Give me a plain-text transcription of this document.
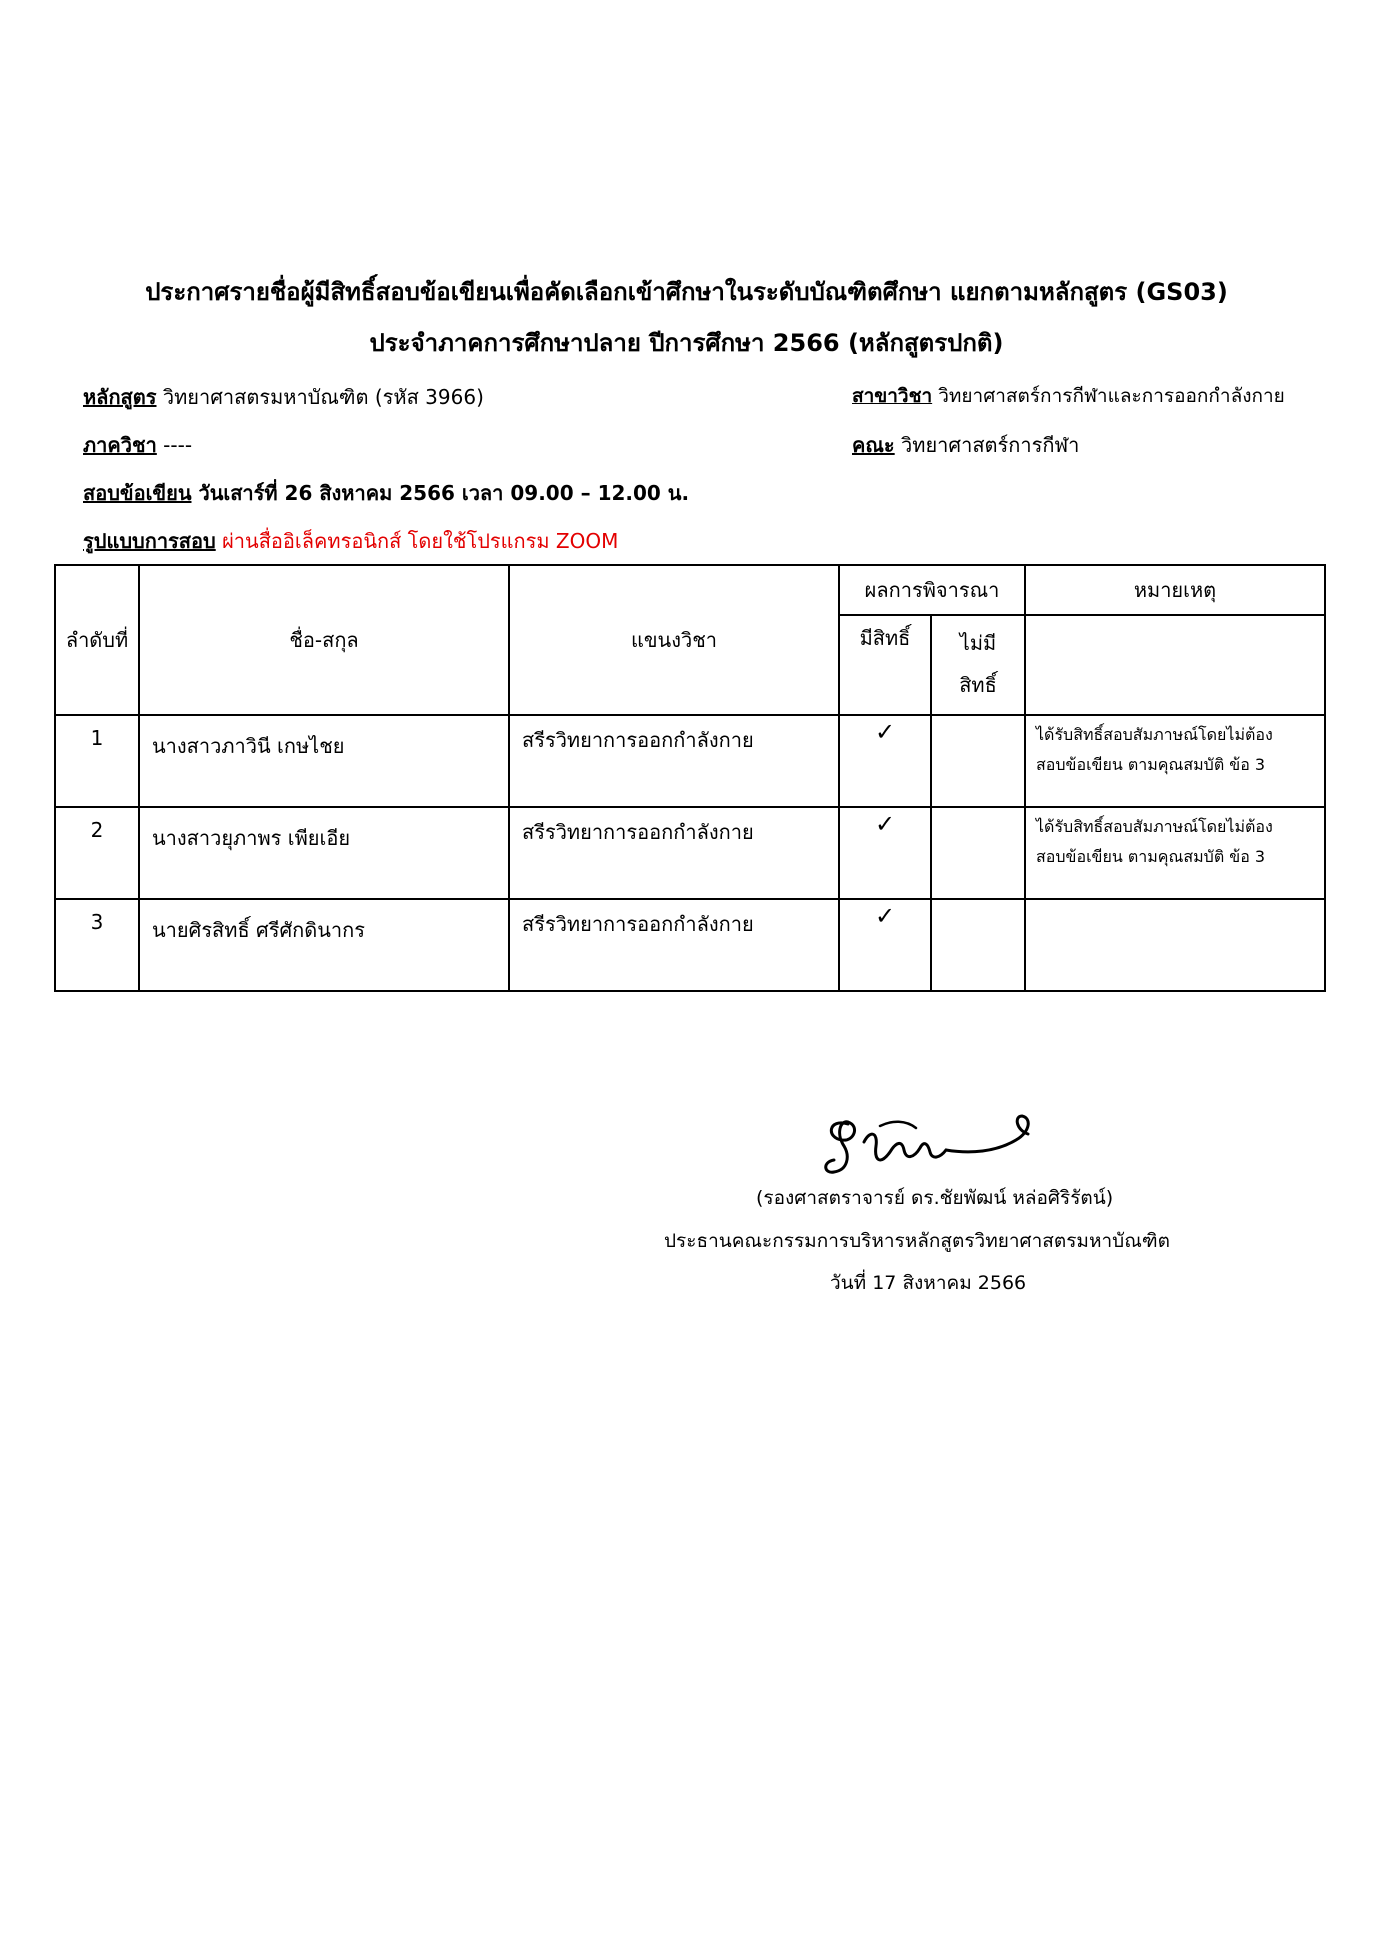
ประกาศรายชื่อผู้มีสิทธิ์สอบข้อเขียนเพื่อคัดเลือกเข้าศึกษาในระดับบัณฑิตศึกษา แยกตามหลักสูตร (GS03)
ประจำภาคการศึกษาปลาย ปีการศึกษา 2566 (หลักสูตรปกติ)
หลักสูตร วิทยาศาสตรมหาบัณฑิต (รหัส 3966)	สาขาวิชา วิทยาศาสตร์การกีฬาและการออกกำลังกาย
ภาควิชา ----	คณะ วิทยาศาสตร์การกีฬา
สอบข้อเขียน วันเสาร์ที่ 26 สิงหาคม 2566 เวลา 09.00 – 12.00 น.
รูปแบบการสอบ ผ่านสื่ออิเล็คทรอนิกส์ โดยใช้โปรแกรม ZOOM
ลำดับที่	ชื่อ-สกุล	แขนงวิชา	ผลการพิจารณา		หมายเหตุ
			มีสิทธิ์	ไม่มี
สิทธิ์	
1	นางสาวภาวินี เกษไชย	สรีรวิทยาการออกกำลังกาย	✓		ได้รับสิทธิ์สอบสัมภาษณ์โดยไม่ต้อง
สอบข้อเขียน ตามคุณสมบัติ ข้อ 3
2	นางสาวยุภาพร เพียเอีย	สรีรวิทยาการออกกำลังกาย	✓		ได้รับสิทธิ์สอบสัมภาษณ์โดยไม่ต้อง
สอบข้อเขียน ตามคุณสมบัติ ข้อ 3
3	นายศิรสิทธิ์ ศรีศักดินากร	สรีรวิทยาการออกกำลังกาย	✓		

(รองศาสตราจารย์ ดร.ชัยพัฒน์ หล่อศิริรัตน์)
ประธานคณะกรรมการบริหารหลักสูตรวิทยาศาสตรมหาบัณฑิต
วันที่ 17 สิงหาคม 2566
